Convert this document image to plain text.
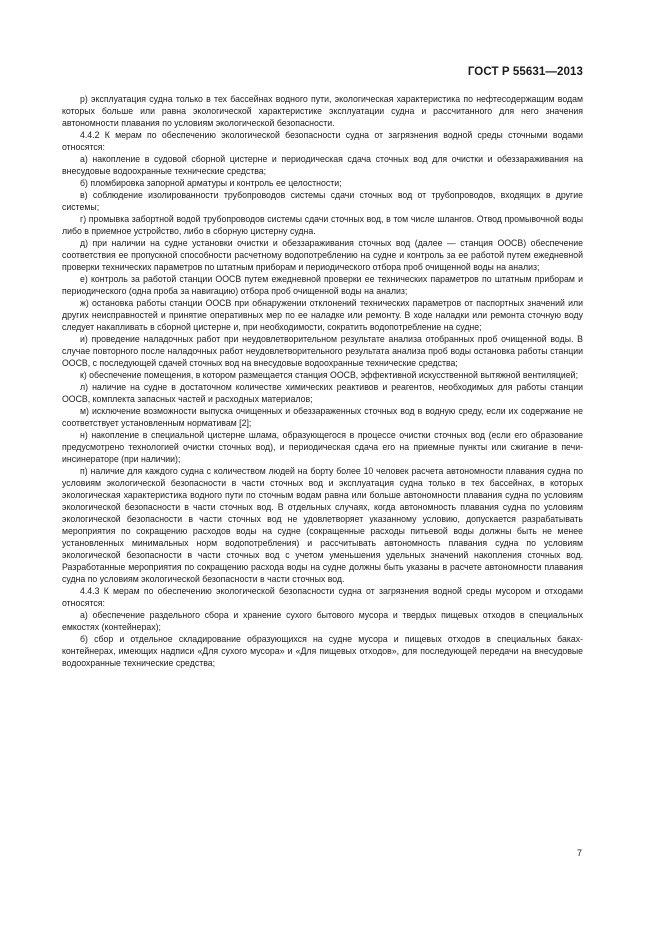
ГОСТ Р 55631—2013

р) эксплуатация судна только в тех бассейнах водного пути, экологическая характеристика по нефтесодержащим водам которых больше или равна экологической характеристике эксплуатации судна и рассчитанного для него значения автономности плавания по условиям экологической безопасности.

4.4.2 К мерам по обеспечению экологической безопасности судна от загрязнения водной среды сточными водами относятся:

а) накопление в судовой сборной цистерне и периодическая сдача сточных вод для очистки и обеззараживания на внесудовые водоохранные технические средства;

б) пломбировка запорной арматуры и контроль ее целостности;

в) соблюдение изолированности трубопроводов системы сдачи сточных вод от трубопроводов, входящих в другие системы;

г) промывка забортной водой трубопроводов системы сдачи сточных вод, в том числе шлангов. Отвод промывочной воды либо в приемное устройство, либо в сборную цистерну судна.

д) при наличии на судне установки очистки и обеззараживания сточных вод (далее — станция ООСВ) обеспечение соответствия ее пропускной способности расчетному водопотреблению на судне и контроль за ее работой путем ежедневной проверки технических параметров по штатным приборам и периодического отбора проб очищенной воды на анализ;

е) контроль за работой станции ООСВ путем ежедневной проверки ее технических параметров по штатным приборам и периодического (одна проба за навигацию) отбора проб очищенной воды на анализ;

ж) остановка работы станции ООСВ при обнаружении отклонений технических параметров от паспортных значений или других неисправностей и принятие оперативных мер по ее наладке или ремонту. В ходе наладки или ремонта сточную воду следует накапливать в сборной цистерне и, при необходимости, сократить водопотребление на судне;

и) проведение наладочных работ при неудовлетворительном результате анализа отобранных проб очищенной воды. В случае повторного после наладочных работ неудовлетворительного результата анализа проб воды остановка работы станции ООСВ, с последующей сдачей сточных вод на внесудовые водоохранные технические средства;

к) обеспечение помещения, в котором размещается станция ООСВ, эффективной искусственной вытяжной вентиляцией;

л) наличие на судне в достаточном количестве химических реактивов и реагентов, необходимых для работы станции ООСВ, комплекта запасных частей и расходных материалов;

м) исключение возможности выпуска очищенных и обеззараженных сточных вод в водную среду, если их содержание не соответствует установленным нормативам [2];

н) накопление в специальной цистерне шлама, образующегося в процессе очистки сточных вод (если его образование предусмотрено технологией очистки сточных вод), и периодическая сдача его на приемные пункты или сжигание в печи-инсинераторе (при наличии);

п) наличие для каждого судна с количеством людей на борту более 10 человек расчета автономности плавания судна по условиям экологической безопасности в части сточных вод и эксплуатация судна только в тех бассейнах, в которых экологическая характеристика водного пути по сточным водам равна или больше автономности плавания судна по условиям экологической безопасности в части сточных вод. В отдельных случаях, когда автономность плавания судна по условиям экологической безопасности в части сточных вод не удовлетворяет указанному условию, допускается разрабатывать мероприятия по сокращению расходов воды на судне (сокращенные расходы питьевой воды должны быть не менее установленных минимальных норм водопотребления) и рассчитывать автономность плавания судна по условиям экологической безопасности в части сточных вод с учетом уменьшения удельных значений накопления сточных вод. Разработанные мероприятия по сокращению расхода воды на судне должны быть указаны в расчете автономности плавания судна по условиям экологической безопасности в части сточных вод.

4.4.3 К мерам по обеспечению экологической безопасности судна от загрязнения водной среды мусором и отходами относятся:

а) обеспечение раздельного сбора и хранение сухого бытового мусора и твердых пищевых отходов в специальных емкостях (контейнерах);

б) сбор и отдельное складирование образующихся на судне мусора и пищевых отходов в специальных баках-контейнерах, имеющих надписи «Для сухого мусора» и «Для пищевых отходов», для последующей передачи на внесудовые водоохранные технические средства;

7
